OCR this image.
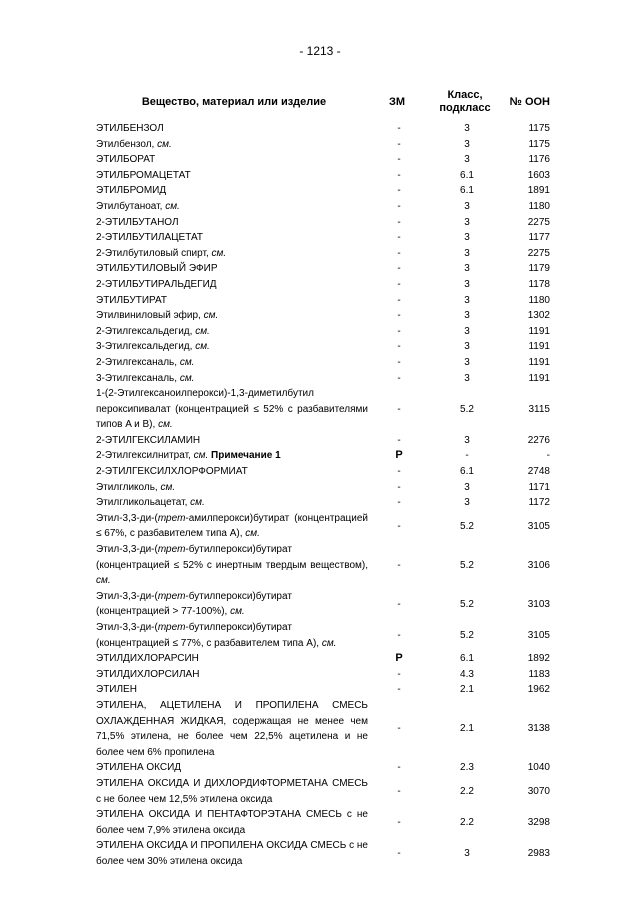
- 1213 -
Вещество, материал или изделие	ЗМ	Класс, подкласс	№ ООН
ЭТИЛБЕНЗОЛ	-	3	1175
Этилбензол, см.	-	3	1175
ЭТИЛБОРАТ	-	3	1176
ЭТИЛБРОМАЦЕТАТ	-	6.1	1603
ЭТИЛБРОМИД	-	6.1	1891
Этилбутаноат, см.	-	3	1180
2-ЭТИЛБУТАНОЛ	-	3	2275
2-ЭТИЛБУТИЛАЦЕТАТ	-	3	1177
2-Этилбутиловый спирт, см.	-	3	2275
ЭТИЛБУТИЛОВЫЙ ЭФИР	-	3	1179
2-ЭТИЛБУТИРАЛЬДЕГИД	-	3	1178
ЭТИЛБУТИРАТ	-	3	1180
Этилвиниловый эфир, см.	-	3	1302
2-Этилгексальдегид, см.	-	3	1191
3-Этилгексальдегид, см.	-	3	1191
2-Этилгексаналь, см.	-	3	1191
3-Этилгексаналь, см.	-	3	1191
1-(2-Этилгексаноилперокси)-1,3-диметилбутил пероксипивалат (концентрацией ≤ 52% с разбавителями типов A и B), см.	-	5.2	3115
2-ЭТИЛГЕКСИЛАМИН	-	3	2276
2-Этилгексилнитрат, см. Примечание 1	P	-	-
2-ЭТИЛГЕКСИЛХЛОРФОРМИАТ	-	6.1	2748
Этилгликоль, см.	-	3	1171
Этилгликольацетат, см.	-	3	1172
Этил-3,3-ди-(трет-амилперокси)бутират (концентрацией ≤ 67%, с разбавителем типа A), см.	-	5.2	3105
Этил-3,3-ди-(трет-бутилперокси)бутират (концентрацией ≤ 52% с инертным твердым веществом), см.	-	5.2	3106
Этил-3,3-ди-(трет-бутилперокси)бутират (концентрацией > 77-100%), см.	-	5.2	3103
Этил-3,3-ди-(трет-бутилперокси)бутират (концентрацией ≤ 77%, с разбавителем типа A), см.	-	5.2	3105
ЭТИЛДИХЛОРАРСИН	P	6.1	1892
ЭТИЛДИХЛОРСИЛАН	-	4.3	1183
ЭТИЛЕН	-	2.1	1962
ЭТИЛЕНА, АЦЕТИЛЕНА И ПРОПИЛЕНА СМЕСЬ ОХЛАЖДЕННАЯ ЖИДКАЯ, содержащая не менее чем 71,5% этилена, не более чем 22,5% ацетилена и не более чем 6% пропилена	-	2.1	3138
ЭТИЛЕНА ОКСИД	-	2.3	1040
ЭТИЛЕНА ОКСИДА И ДИХЛОРДИФТОРМЕТАНА СМЕСЬ с не более чем 12,5% этилена оксида	-	2.2	3070
ЭТИЛЕНА ОКСИДА И ПЕНТАФТОРЭТАНА СМЕСЬ с не более чем 7,9% этилена оксида	-	2.2	3298
ЭТИЛЕНА ОКСИДА И ПРОПИЛЕНА ОКСИДА СМЕСЬ с не более чем 30% этилена оксида	-	3	2983
